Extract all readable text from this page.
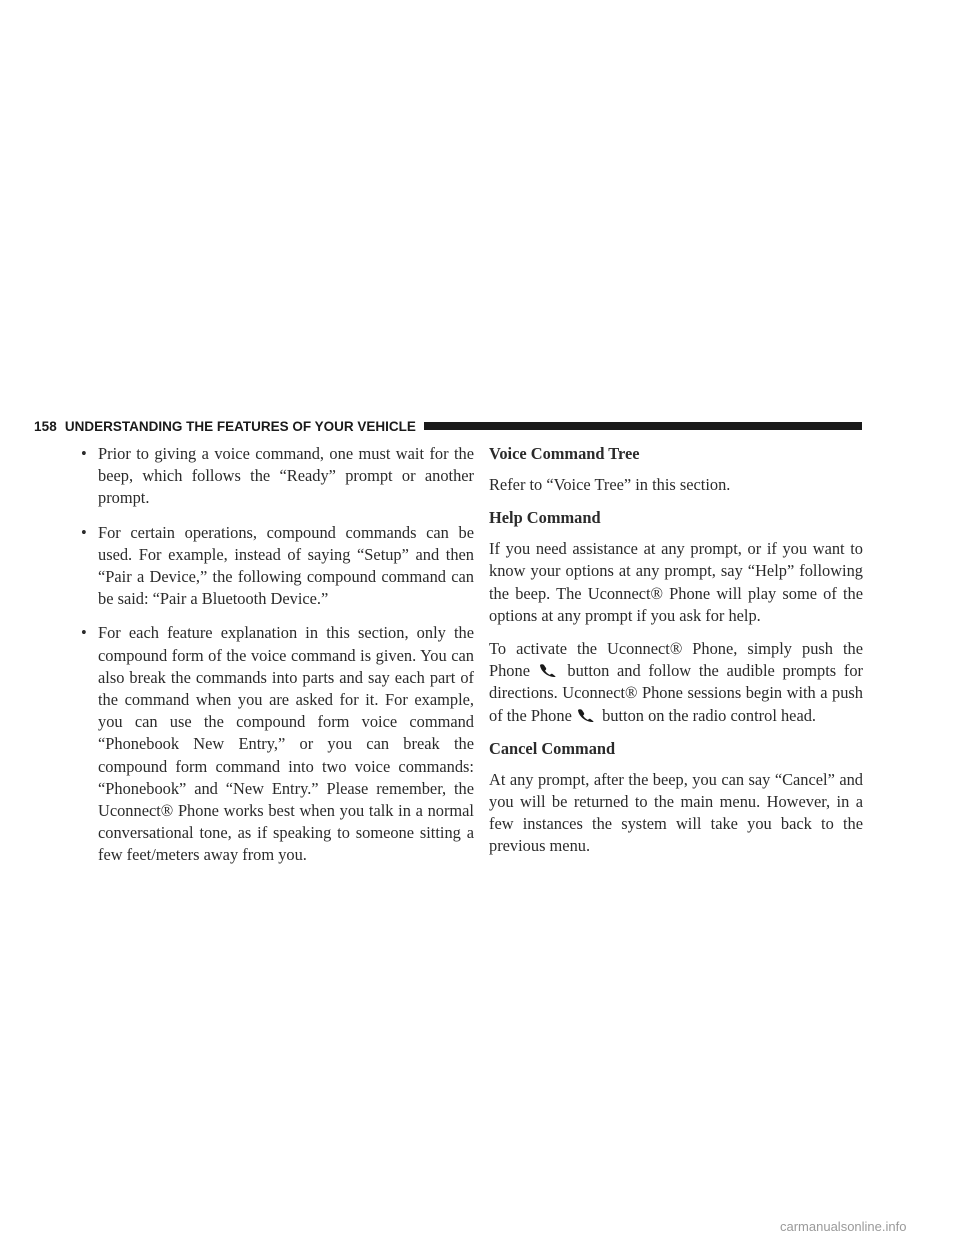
158 UNDERSTANDING THE FEATURES OF YOUR VEHICLE
• Prior to giving a voice command, one must wait for the beep, which follows the “Ready” prompt or another prompt.
• For certain operations, compound commands can be used. For example, instead of saying “Setup” and then “Pair a Device,” the following compound command can be said: “Pair a Bluetooth Device.”
• For each feature explanation in this section, only the compound form of the voice command is given. You can also break the commands into parts and say each part of the command when you are asked for it. For example, you can use the compound form voice command “Phonebook New Entry,” or you can break the compound form command into two voice commands: “Phonebook” and “New Entry.” Please remember, the Uconnect® Phone works best when you talk in a normal conversational tone, as if speaking to someone sitting a few feet/meters away from you.
Voice Command Tree

Refer to “Voice Tree” in this section.

Help Command

If you need assistance at any prompt, or if you want to know your options at any prompt, say “Help” following the beep. The Uconnect® Phone will play some of the options at any prompt if you ask for help.

To activate the Uconnect® Phone, simply push the Phone button and follow the audible prompts for directions. Uconnect® Phone sessions begin with a push of the Phone button on the radio control head.

Cancel Command

At any prompt, after the beep, you can say “Cancel” and you will be returned to the main menu. However, in a few instances the system will take you back to the previous menu.

carmanualsonline.info
